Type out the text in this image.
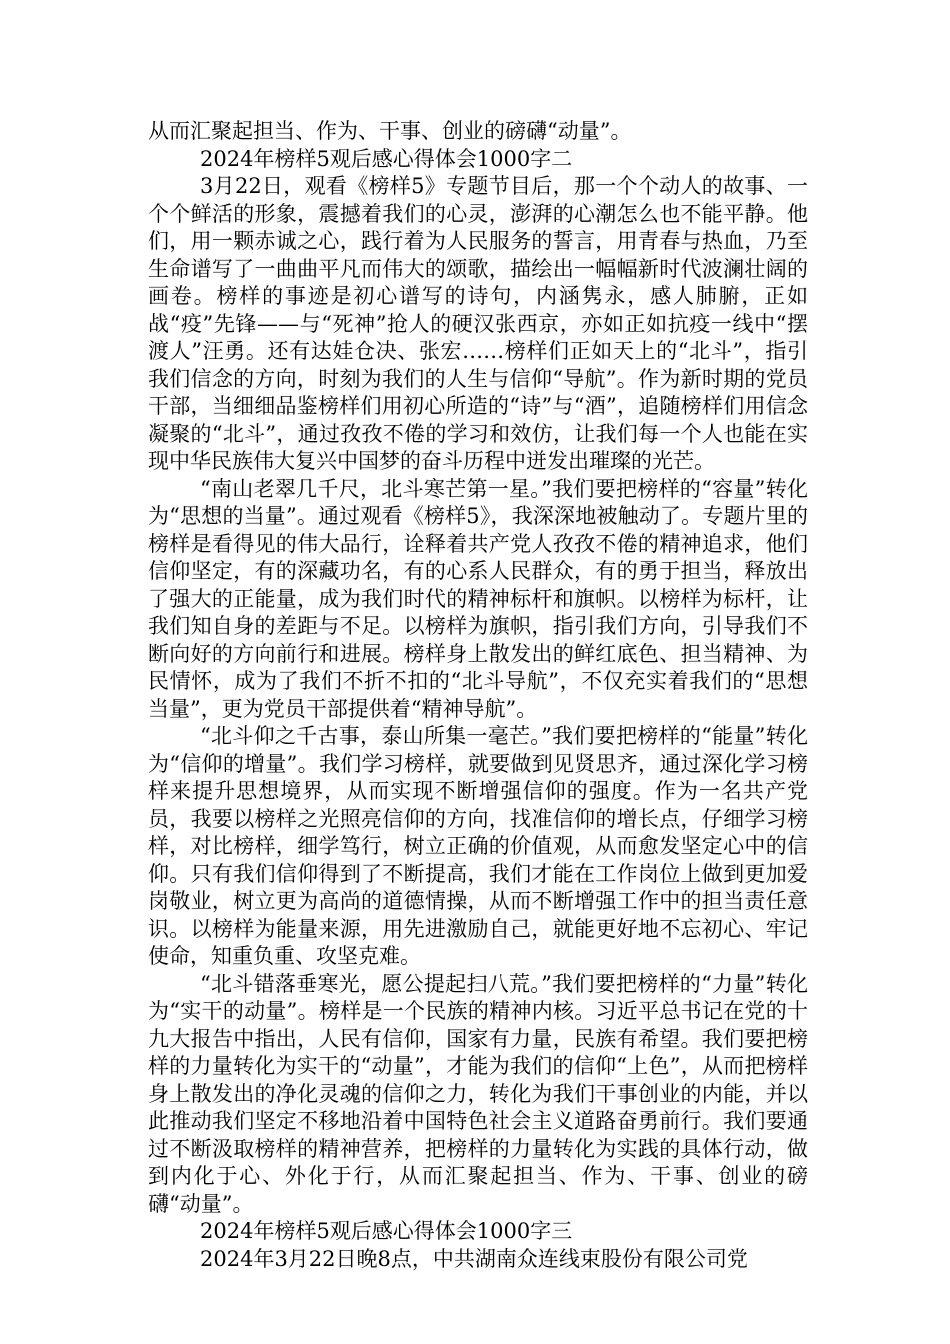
从而汇聚起担当、作为、干事、创业的磅礴“动量”。

2024年榜样5观后感心得体会1000字二

3月22日，观看《榜样5》专题节目后，那一个个动人的故事、一个个鲜活的形象，震撼着我们的心灵，澎湃的心潮怎么也不能平静。他们，用一颗赤诚之心，践行着为人民服务的誓言，用青春与热血，乃至生命谱写了一曲曲平凡而伟大的颂歌，描绘出一幅幅新时代波澜壮阔的画卷。榜样的事迹是初心谱写的诗句，内涵隽永，感人肺腑，正如战“疫”先锋——与“死神”抢人的硬汉张西京，亦如正如抗疫一线中“摆渡人”汪勇。还有达娃仓决、张宏……榜样们正如天上的“北斗”，指引我们信念的方向，时刻为我们的人生与信仰“导航”。作为新时期的党员干部，当细细品鉴榜样们用初心所造的“诗”与“酒”，追随榜样们用信念凝聚的“北斗”，通过孜孜不倦的学习和效仿，让我们每一个人也能在实现中华民族伟大复兴中国梦的奋斗历程中迸发出璀璨的光芒。

“南山老翠几千尺，北斗寒芒第一星。”我们要把榜样的“容量”转化为“思想的当量”。通过观看《榜样5》，我深深地被触动了。专题片里的榜样是看得见的伟大品行，诠释着共产党人孜孜不倦的精神追求，他们信仰坚定，有的深藏功名，有的心系人民群众，有的勇于担当，释放出了强大的正能量，成为我们时代的精神标杆和旗帜。以榜样为标杆，让我们知自身的差距与不足。以榜样为旗帜，指引我们方向，引导我们不断向好的方向前行和进展。榜样身上散发出的鲜红底色、担当精神、为民情怀，成为了我们不折不扣的“北斗导航”，不仅充实着我们的“思想当量”，更为党员干部提供着“精神导航”。

“北斗仰之千古事，泰山所集一毫芒。”我们要把榜样的“能量”转化为“信仰的增量”。我们学习榜样，就要做到见贤思齐，通过深化学习榜样来提升思想境界，从而实现不断增强信仰的强度。作为一名共产党员，我要以榜样之光照亮信仰的方向，找准信仰的增长点，仔细学习榜样，对比榜样，细学笃行，树立正确的价值观，从而愈发坚定心中的信仰。只有我们信仰得到了不断提高，我们才能在工作岗位上做到更加爱岗敬业，树立更为高尚的道德情操，从而不断增强工作中的担当责任意识。以榜样为能量来源，用先进激励自己，就能更好地不忘初心、牢记使命，知重负重、攻坚克难。

“北斗错落垂寒光，愿公提起扫八荒。”我们要把榜样的“力量”转化为“实干的动量”。榜样是一个民族的精神内核。习近平总书记在党的十九大报告中指出，人民有信仰，国家有力量，民族有希望。我们要把榜样的力量转化为实干的“动量”，才能为我们的信仰“上色”，从而把榜样身上散发出的净化灵魂的信仰之力，转化为我们干事创业的内能，并以此推动我们坚定不移地沿着中国特色社会主义道路奋勇前行。我们要通过不断汲取榜样的精神营养，把榜样的力量转化为实践的具体行动，做到内化于心、外化于行，从而汇聚起担当、作为、干事、创业的磅礴“动量”。

2024年榜样5观后感心得体会1000字三

2024年3月22日晚8点，中共湖南众连线束股份有限公司党
